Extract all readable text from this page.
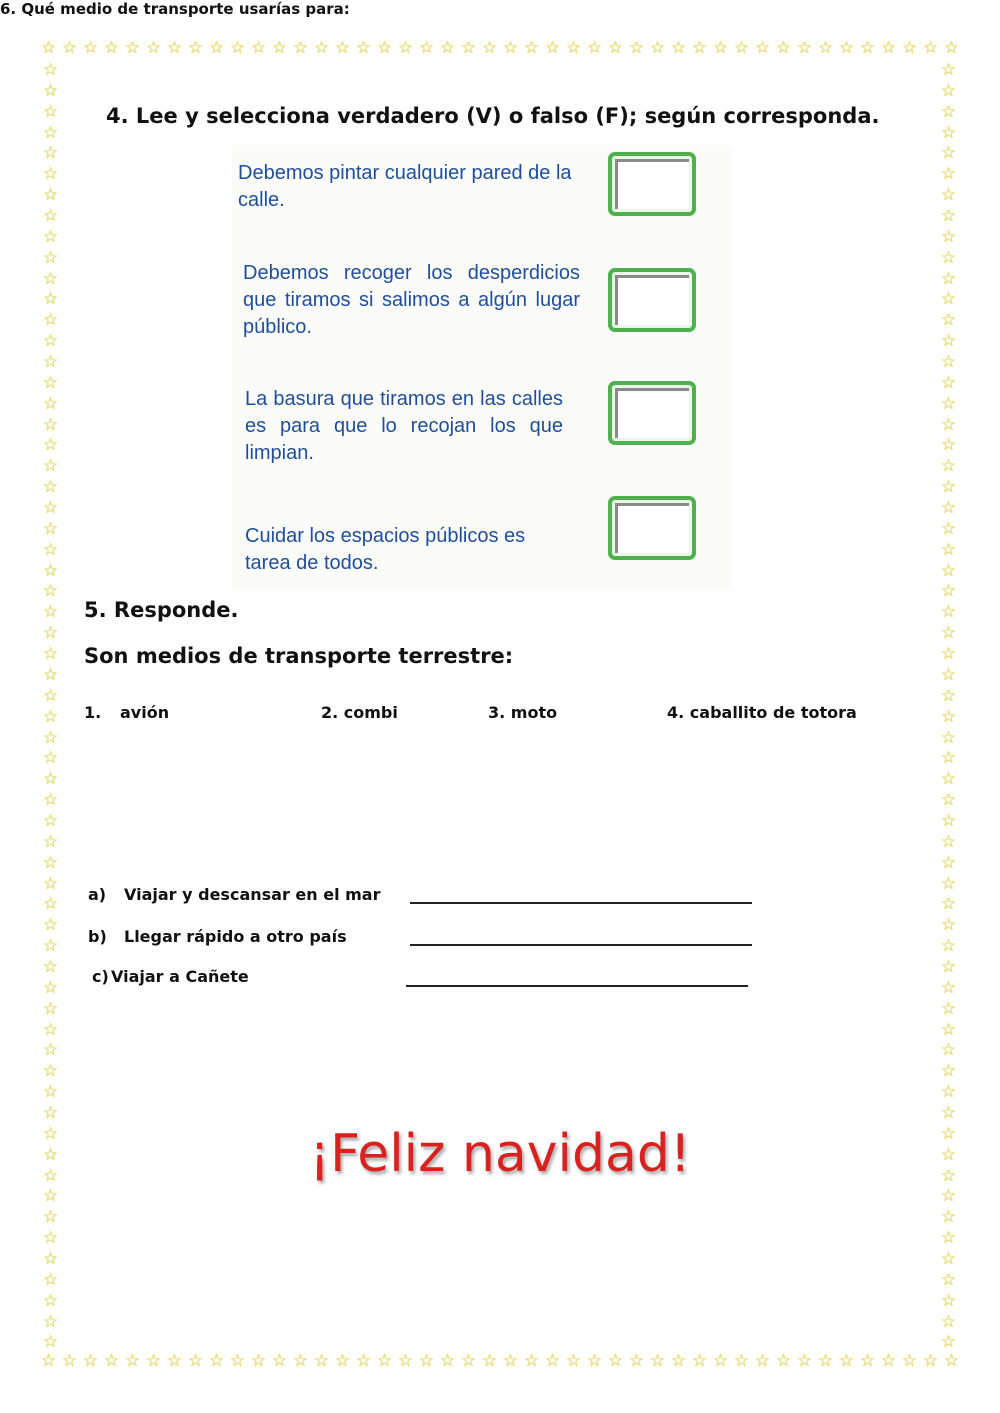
☆ ☆ ☆ ☆ ☆ ☆ ☆ ☆ ☆ ☆ ☆ ☆ ☆ ☆ ☆ ☆ ☆ ☆ ☆ ☆ ☆ ☆ ☆ ☆ ☆ ☆ ☆ ☆ ☆ ☆ ☆ ☆ ☆ ☆ ☆ ☆ ☆ ☆ ☆ ☆ ☆ ☆ ☆ ☆
☆ ☆ ☆ ☆ ☆ ☆ ☆ ☆ ☆ ☆ ☆ ☆ ☆ ☆ ☆ ☆ ☆ ☆ ☆ ☆ ☆ ☆ ☆ ☆ ☆ ☆ ☆ ☆ ☆ ☆ ☆ ☆ ☆ ☆ ☆ ☆ ☆ ☆ ☆ ☆ ☆ ☆ ☆ ☆
☆
☆
☆
☆
☆
☆
☆
☆
☆
☆
☆
☆
☆
☆
☆
☆
☆
☆
☆
☆
☆
☆
☆
☆
☆
☆
☆
☆
☆
☆
☆
☆
☆
☆
☆
☆
☆
☆
☆
☆
☆
☆
☆
☆
☆
☆
☆
☆
☆
☆
☆
☆
☆
☆
☆
☆
☆
☆
☆
☆
☆
☆
☆
☆
☆
☆
☆
☆
☆
☆
☆
☆
☆
☆
☆
☆
☆
☆
☆
☆
☆
☆
☆
☆
☆
☆
☆
☆
☆
☆
☆
☆
☆
☆
☆
☆
☆
☆
☆
☆
☆
☆
☆
☆
☆
☆
☆
☆
☆
☆
☆
☆
☆
☆
☆
☆
☆
☆
☆
☆
☆
☆
☆
☆
4. Lee y selecciona verdadero (V) o falso (F); según corresponda.
Debemos pintar cualquier pared de la calle.
Debemos recoger los desperdicios que tiramos si salimos a algún lugar público.
La basura que tiramos en las calles es para que lo recojan los que limpian.
Cuidar los espacios públicos es tarea de todos.
5. Responde.
Son medios de transporte terrestre:
1. avión	2. combi	3. moto	4. caballito de totora
6. Qué medio de transporte usarías para:
a) Viajar y descansar en el mar
b) Llegar rápido a otro país
c) Viajar a Cañete
¡Feliz navidad!
